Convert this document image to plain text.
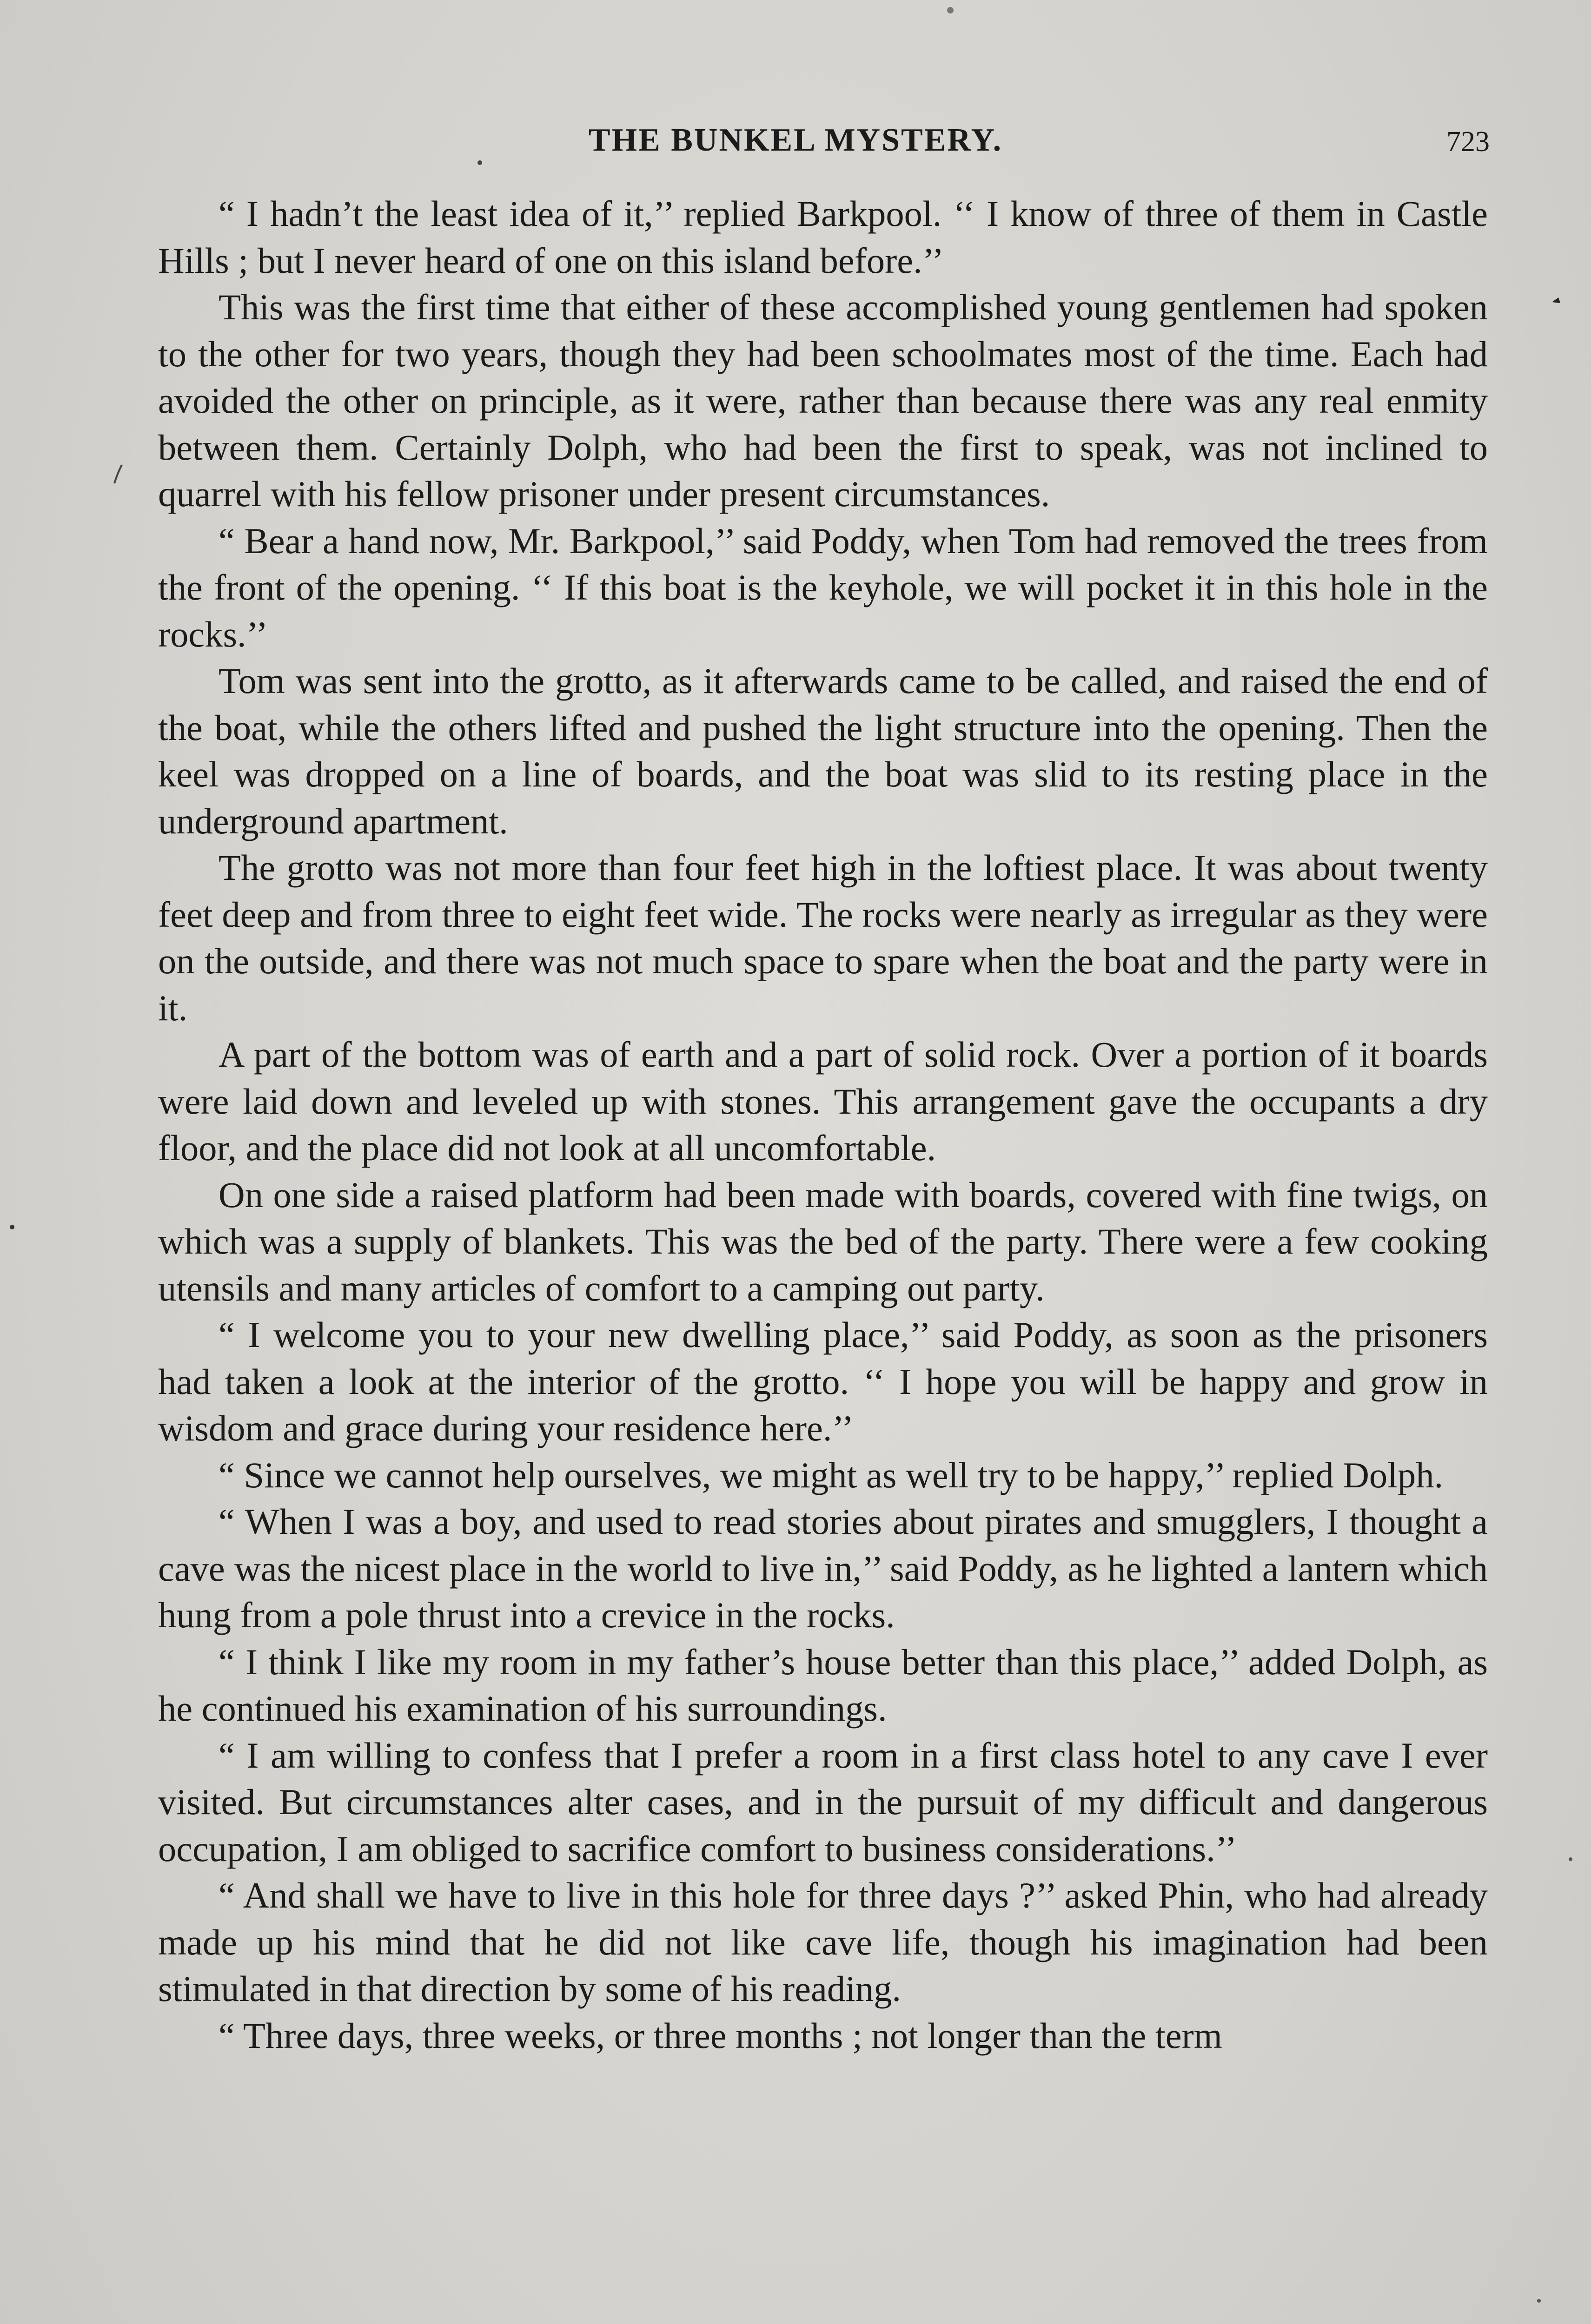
THE BUNKEL MYSTERY.	723

“ I hadn’t the least idea of it,’’ replied Barkpool. ‘‘ I know of three of them in Castle Hills ; but I never heard of one on this island before.’’

This was the first time that either of these accomplished young gentlemen had spoken to the other for two years, though they had been schoolmates most of the time. Each had avoided the other on principle, as it were, rather than because there was any real enmity between them. Certainly Dolph, who had been the first to speak, was not inclined to quarrel with his fellow prisoner under present circumstances.

“ Bear a hand now, Mr. Barkpool,’’ said Poddy, when Tom had removed the trees from the front of the opening. ‘‘ If this boat is the keyhole, we will pocket it in this hole in the rocks.’’

Tom was sent into the grotto, as it afterwards came to be called, and raised the end of the boat, while the others lifted and pushed the light structure into the opening. Then the keel was dropped on a line of boards, and the boat was slid to its resting place in the underground apartment.

The grotto was not more than four feet high in the loftiest place. It was about twenty feet deep and from three to eight feet wide. The rocks were nearly as irregular as they were on the outside, and there was not much space to spare when the boat and the party were in it.

A part of the bottom was of earth and a part of solid rock. Over a portion of it boards were laid down and leveled up with stones. This arrangement gave the occupants a dry floor, and the place did not look at all uncomfortable.

On one side a raised platform had been made with boards, covered with fine twigs, on which was a supply of blankets. This was the bed of the party. There were a few cooking utensils and many articles of comfort to a camping out party.

“ I welcome you to your new dwelling place,’’ said Poddy, as soon as the prisoners had taken a look at the interior of the grotto. ‘‘ I hope you will be happy and grow in wisdom and grace during your residence here.’’

“ Since we cannot help ourselves, we might as well try to be happy,’’ replied Dolph.

“ When I was a boy, and used to read stories about pirates and smugglers, I thought a cave was the nicest place in the world to live in,’’ said Poddy, as he lighted a lantern which hung from a pole thrust into a crevice in the rocks.

“ I think I like my room in my father’s house better than this place,’’ added Dolph, as he continued his examination of his surroundings.

“ I am willing to confess that I prefer a room in a first class hotel to any cave I ever visited. But circumstances alter cases, and in the pursuit of my difficult and dangerous occupation, I am obliged to sacrifice comfort to business considerations.’’

“ And shall we have to live in this hole for three days ?’’ asked Phin, who had already made up his mind that he did not like cave life, though his imagination had been stimulated in that direction by some of his reading.

“ Three days, three weeks, or three months ; not longer than the term
